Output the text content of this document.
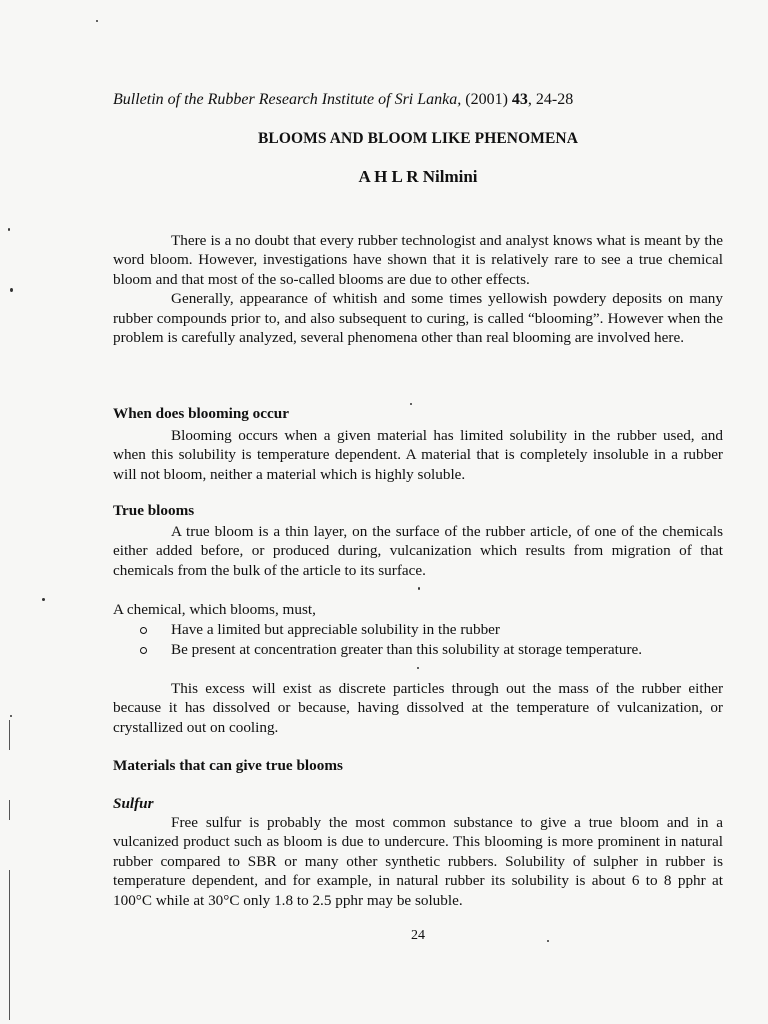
Bulletin of the Rubber Research Institute of Sri Lanka, (2001) 43, 24-28
BLOOMS AND BLOOM LIKE PHENOMENA
A H L R Nilmini

There is a no doubt that every rubber technologist and analyst knows what is meant by the word bloom. However, investigations have shown that it is relatively rare to see a true chemical bloom and that most of the so-called blooms are due to other effects.

Generally, appearance of whitish and some times yellowish powdery deposits on many rubber compounds prior to, and also subsequent to curing, is called “blooming”. However when the problem is carefully analyzed, several phenomena other than real blooming are involved here.

When does blooming occur

Blooming occurs when a given material has limited solubility in the rubber used, and when this solubility is temperature dependent. A material that is completely insoluble in a rubber will not bloom, neither a material which is highly soluble.

True blooms

A true bloom is a thin layer, on the surface of the rubber article, of one of the chemicals either added before, or produced during, vulcanization which results from migration of that chemicals from the bulk of the article to its surface.

A chemical, which blooms, must,
Have a limited but appreciable solubility in the rubber
Be present at concentration greater than this solubility at storage temperature.

This excess will exist as discrete particles through out the mass of the rubber either because it has dissolved or because, having dissolved at the temperature of vulcanization, or crystallized out on cooling.

Materials that can give true blooms
Sulfur

Free sulfur is probably the most common substance to give a true bloom and in a vulcanized product such as bloom is due to undercure. This blooming is more prominent in natural rubber compared to SBR or many other synthetic rubbers. Solubility of sulpher in rubber is temperature dependent, and for example, in natural rubber its solubility is about 6 to 8 pphr at 100°C while at 30°C only 1.8 to 2.5 pphr may be soluble.

24
